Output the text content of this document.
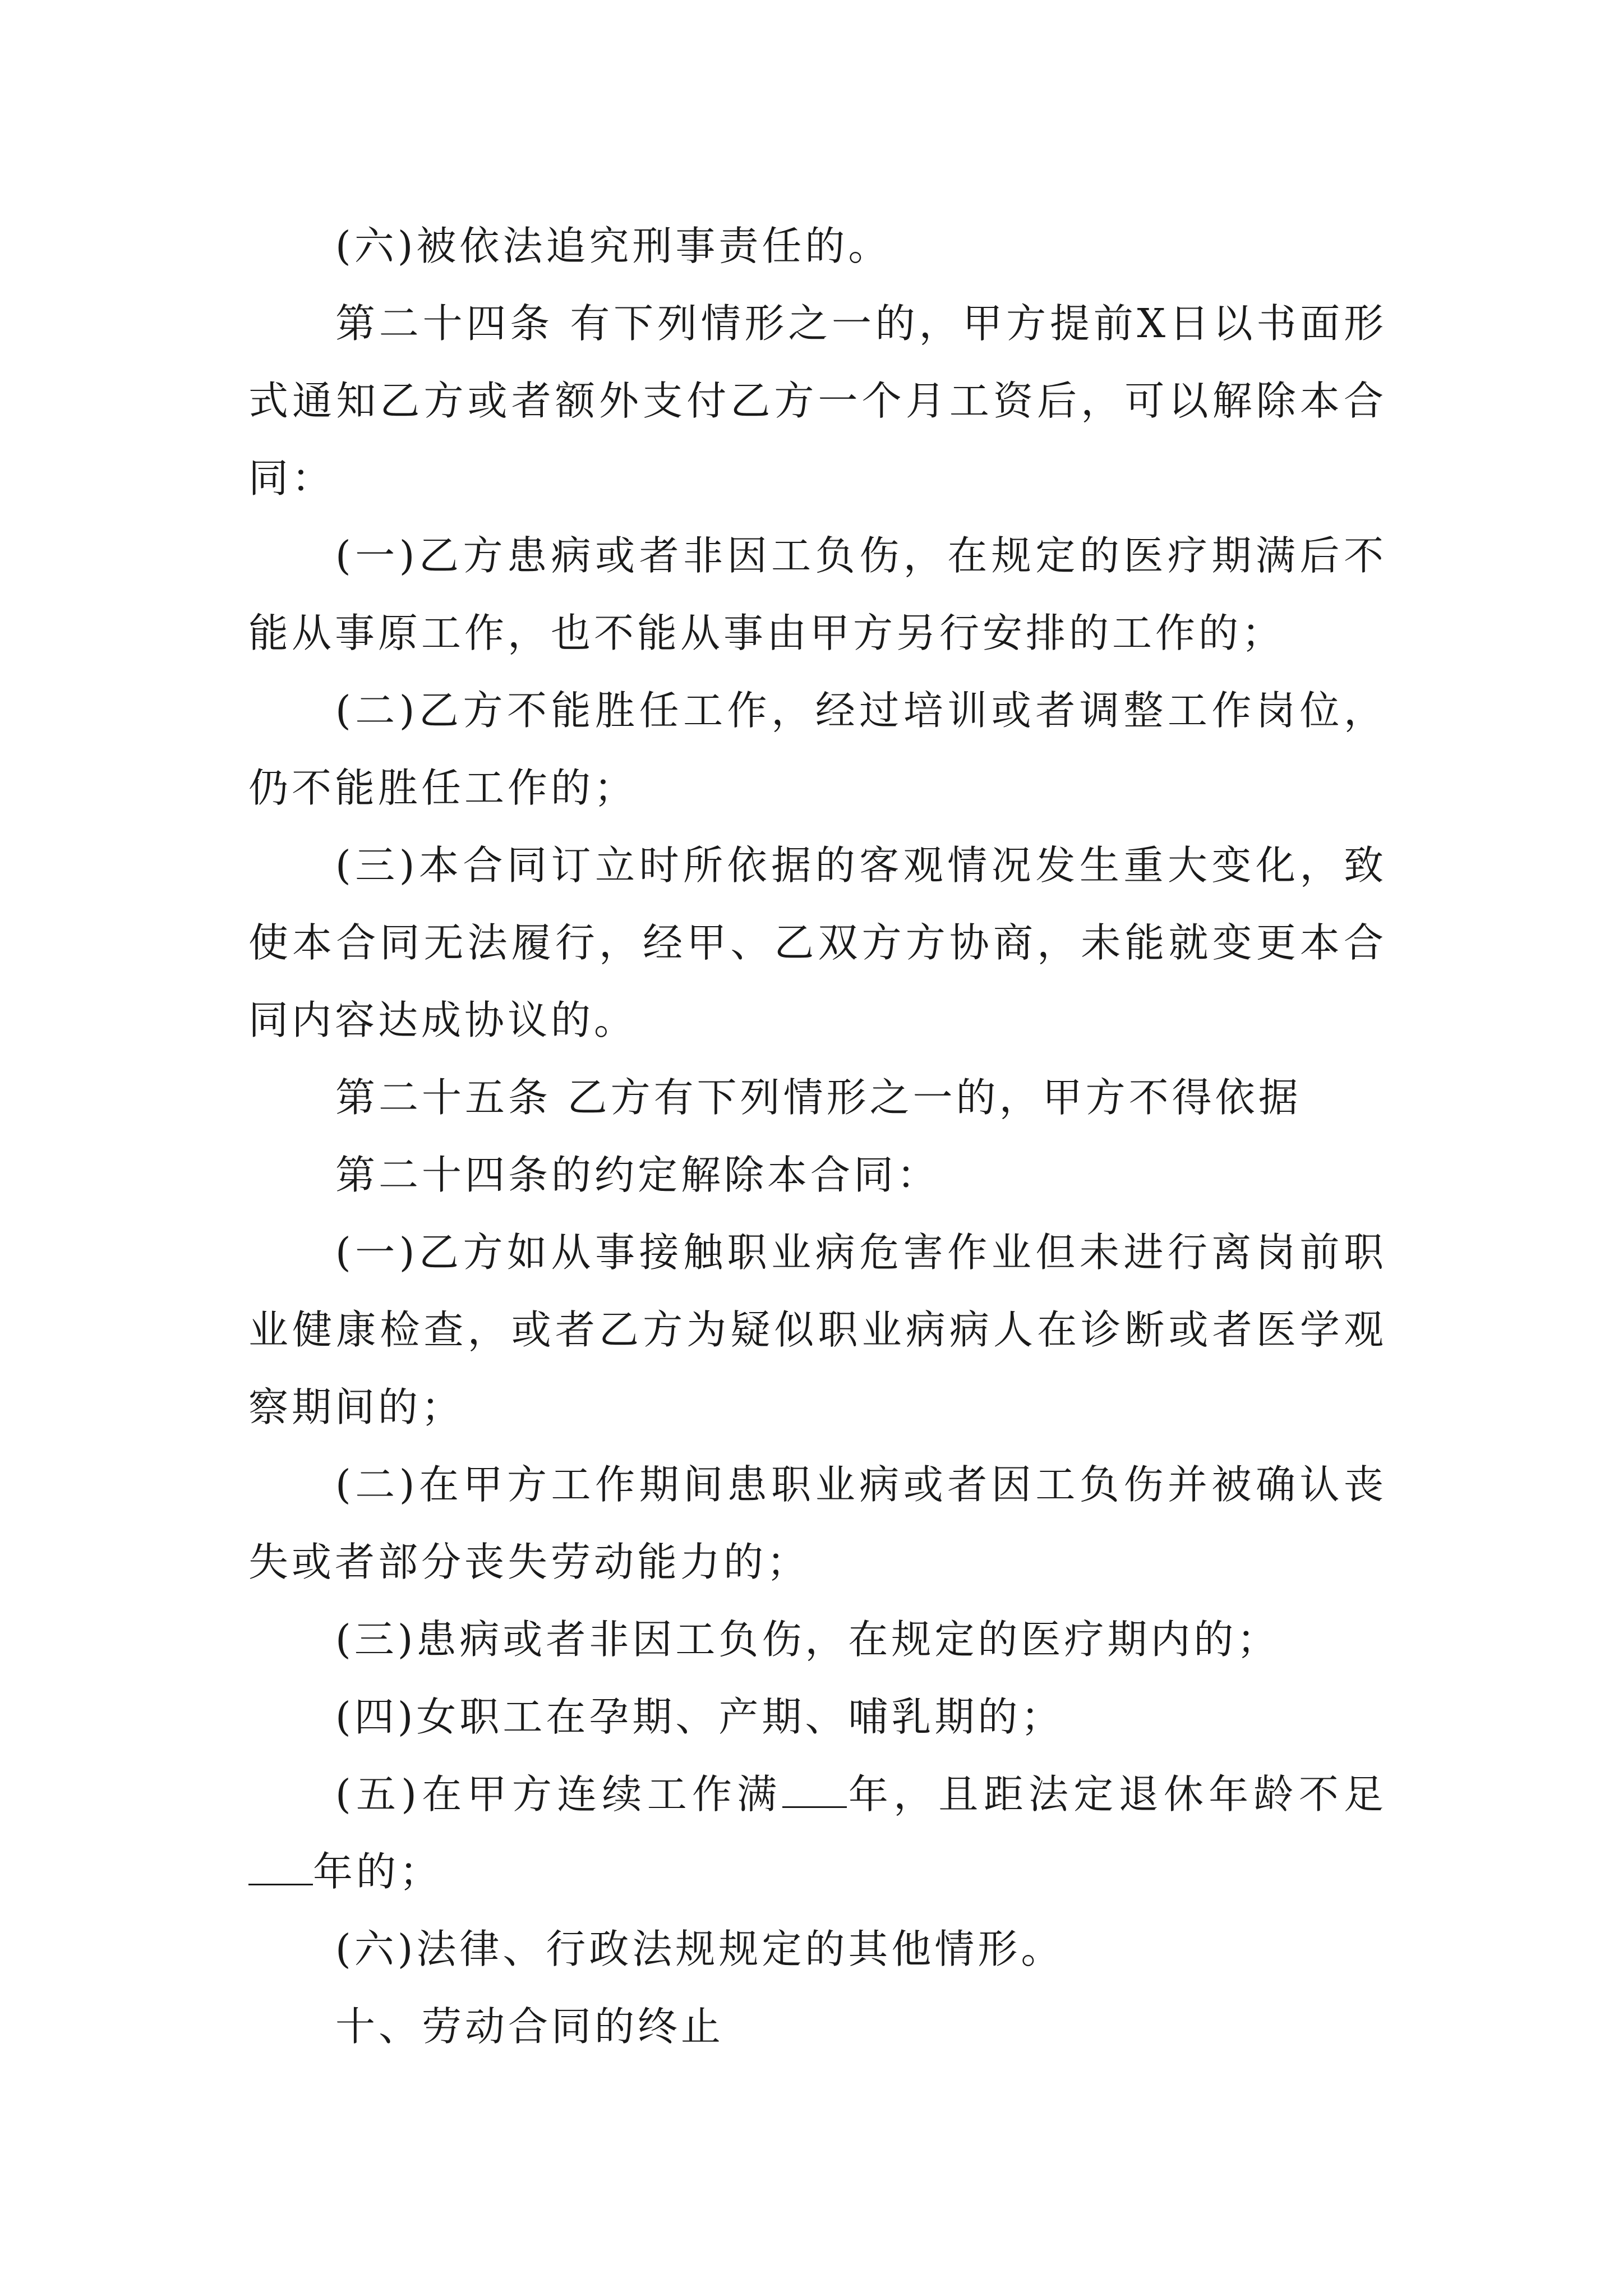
(六)被依法追究刑事责任的。

第二十四条 有下列情形之一的，甲方提前X日以书面形式通知乙方或者额外支付乙方一个月工资后，可以解除本合同：

(一)乙方患病或者非因工负伤，在规定的医疗期满后不能从事原工作，也不能从事由甲方另行安排的工作的；

(二)乙方不能胜任工作，经过培训或者调整工作岗位，仍不能胜任工作的；

(三)本合同订立时所依据的客观情况发生重大变化，致使本合同无法履行，经甲、乙双方方协商，未能就变更本合同内容达成协议的。

第二十五条 乙方有下列情形之一的，甲方不得依据

第二十四条的约定解除本合同：

(一)乙方如从事接触职业病危害作业但未进行离岗前职业健康检查，或者乙方为疑似职业病病人在诊断或者医学观察期间的；

(二)在甲方工作期间患职业病或者因工负伤并被确认丧失或者部分丧失劳动能力的；

(三)患病或者非因工负伤，在规定的医疗期内的；

(四)女职工在孕期、产期、哺乳期的；

(五)在甲方连续工作满 年，且距法定退休年龄不足年的；

(六)法律、行政法规规定的其他情形。

十、劳动合同的终止
